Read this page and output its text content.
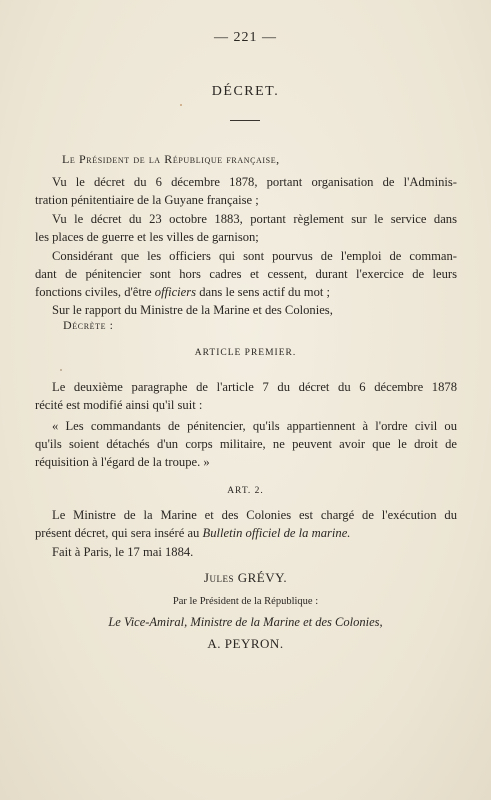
— 221 —
DÉCRET.
Le Président de la République française,
Vu le décret du 6 décembre 1878, portant organisation de l'Adminis-
tration pénitentiaire de la Guyane française ;
Vu le décret du 23 octobre 1883, portant règlement sur le service dans
les places de guerre et les villes de garnison;
Considérant que les officiers qui sont pourvus de l'emploi de comman-
dant de pénitencier sont hors cadres et cessent, durant l'exercice de leurs
fonctions civiles, d'être officiers dans le sens actif du mot ;
Sur le rapport du Ministre de la Marine et des Colonies,
Décrète :
ARTICLE PREMIER.
Le deuxième paragraphe de l'article 7 du décret du 6 décembre 1878
récité est modifié ainsi qu'il suit :
« Les commandants de pénitencier, qu'ils appartiennent à l'ordre civil ou
qu'ils soient détachés d'un corps militaire, ne peuvent avoir que le droit de
réquisition à l'égard de la troupe. »
ART. 2.
Le Ministre de la Marine et des Colonies est chargé de l'exécution du
présent décret, qui sera inséré au Bulletin officiel de la marine.
Fait à Paris, le 17 mai 1884.
Jules GRÉVY.
Par le Président de la République :
Le Vice-Amiral, Ministre de la Marine et des Colonies,
A. PEYRON.
